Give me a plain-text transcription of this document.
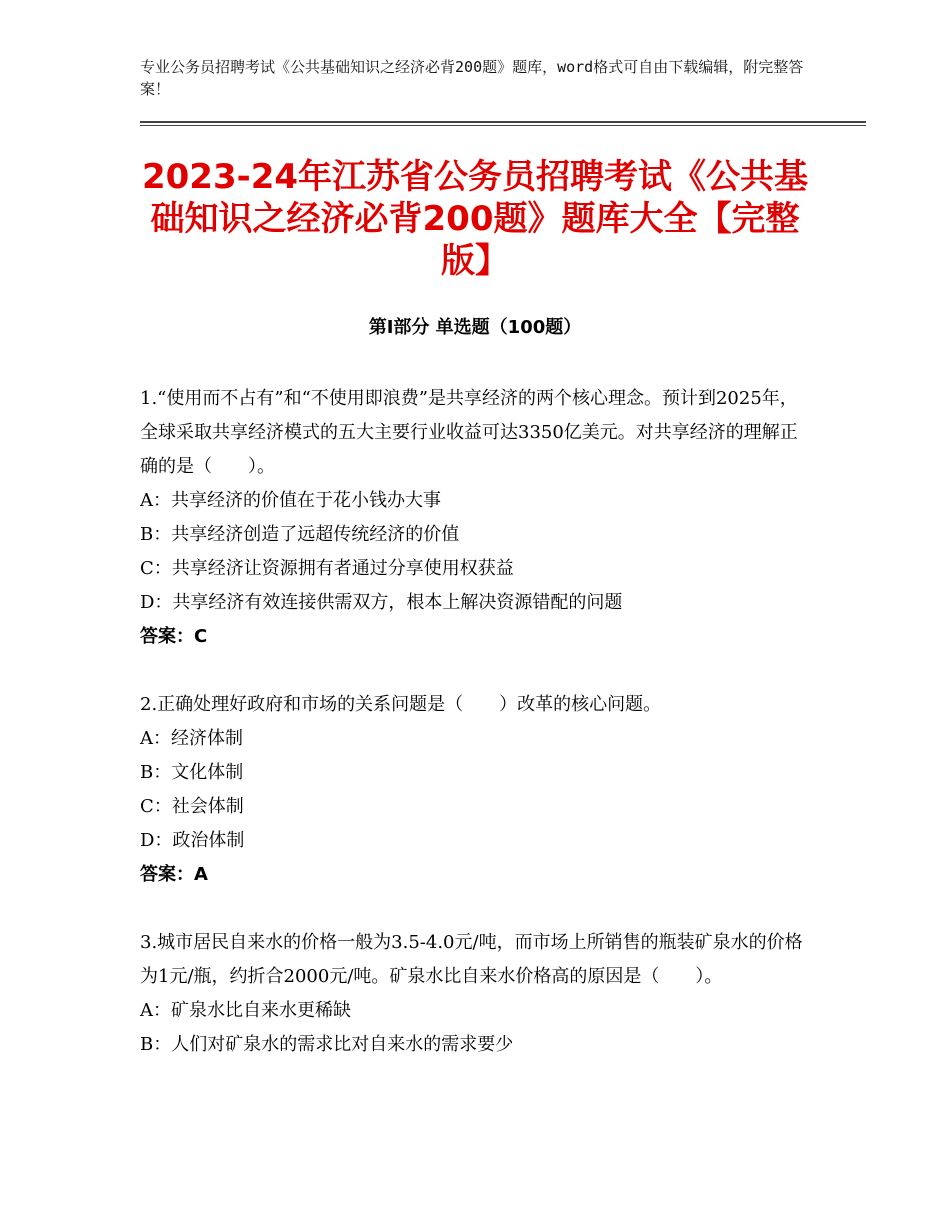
专业公务员招聘考试《公共基础知识之经济必背200题》题库，word格式可自由下载编辑，附完整答案！
2023-24年江苏省公务员招聘考试《公共基础知识之经济必背200题》题库大全【完整版】
第Ⅰ部分 单选题（100题）

1.“使用而不占有”和“不使用即浪费”是共享经济的两个核心理念。预计到2025年，全球采取共享经济模式的五大主要行业收益可达3350亿美元。对共享经济的理解正确的是（　　）。

A：共享经济的价值在于花小钱办大事

B：共享经济创造了远超传统经济的价值

C：共享经济让资源拥有者通过分享使用权获益

D：共享经济有效连接供需双方，根本上解决资源错配的问题

答案：C

2.正确处理好政府和市场的关系问题是（　　）改革的核心问题。

A：经济体制

B：文化体制

C：社会体制

D：政治体制

答案：A

3.城市居民自来水的价格一般为3.5-4.0元/吨，而市场上所销售的瓶装矿泉水的价格为1元/瓶，约折合2000元/吨。矿泉水比自来水价格高的原因是（　　）。

A：矿泉水比自来水更稀缺

B：人们对矿泉水的需求比对自来水的需求要少
